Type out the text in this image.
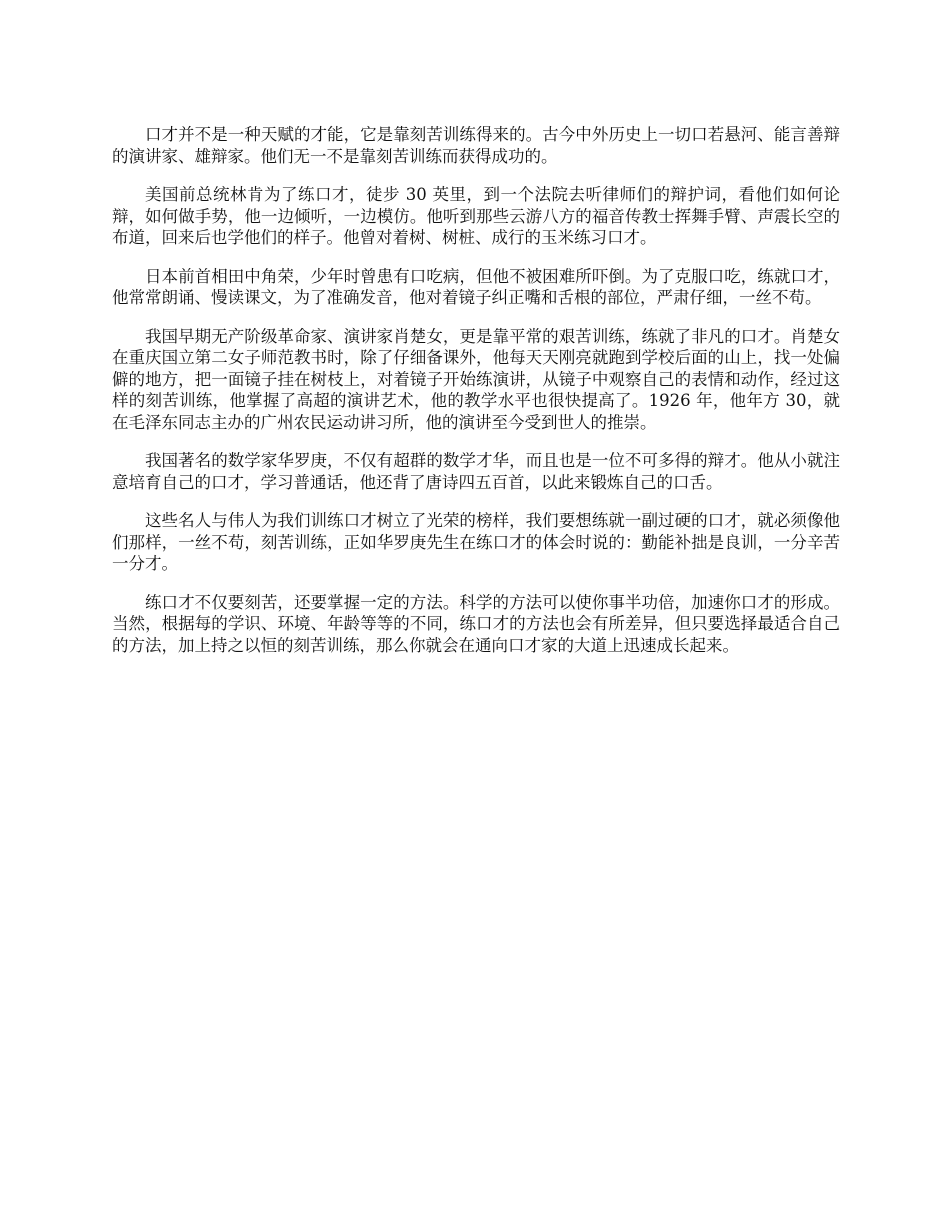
口才并不是一种天赋的才能，它是靠刻苦训练得来的。古今中外历史上一切口若悬河、能言善辩的演讲家、雄辩家。他们无一不是靠刻苦训练而获得成功的。

美国前总统林肯为了练口才，徒步 30 英里，到一个法院去听律师们的辩护词，看他们如何论辩，如何做手势，他一边倾听，一边模仿。他听到那些云游八方的福音传教士挥舞手臂、声震长空的布道，回来后也学他们的样子。他曾对着树、树桩、成行的玉米练习口才。

日本前首相田中角荣，少年时曾患有口吃病，但他不被困难所吓倒。为了克服口吃，练就口才，他常常朗诵、慢读课文，为了准确发音，他对着镜子纠正嘴和舌根的部位，严肃仔细，一丝不苟。

我国早期无产阶级革命家、演讲家肖楚女，更是靠平常的艰苦训练，练就了非凡的口才。肖楚女在重庆国立第二女子师范教书时，除了仔细备课外，他每天天刚亮就跑到学校后面的山上，找一处偏僻的地方，把一面镜子挂在树枝上，对着镜子开始练演讲，从镜子中观察自己的表情和动作，经过这样的刻苦训练，他掌握了高超的演讲艺术，他的教学水平也很快提高了。1926 年，他年方 30，就在毛泽东同志主办的广州农民运动讲习所，他的演讲至今受到世人的推崇。

我国著名的数学家华罗庚，不仅有超群的数学才华，而且也是一位不可多得的辩才。他从小就注意培育自己的口才，学习普通话，他还背了唐诗四五百首，以此来锻炼自己的口舌。

这些名人与伟人为我们训练口才树立了光荣的榜样，我们要想练就一副过硬的口才，就必须像他们那样，一丝不苟，刻苦训练，正如华罗庚先生在练口才的体会时说的：勤能补拙是良训，一分辛苦一分才。

练口才不仅要刻苦，还要掌握一定的方法。科学的方法可以使你事半功倍，加速你口才的形成。当然，根据每的学识、环境、年龄等等的不同，练口才的方法也会有所差异，但只要选择最适合自己的方法，加上持之以恒的刻苦训练，那么你就会在通向口才家的大道上迅速成长起来。
